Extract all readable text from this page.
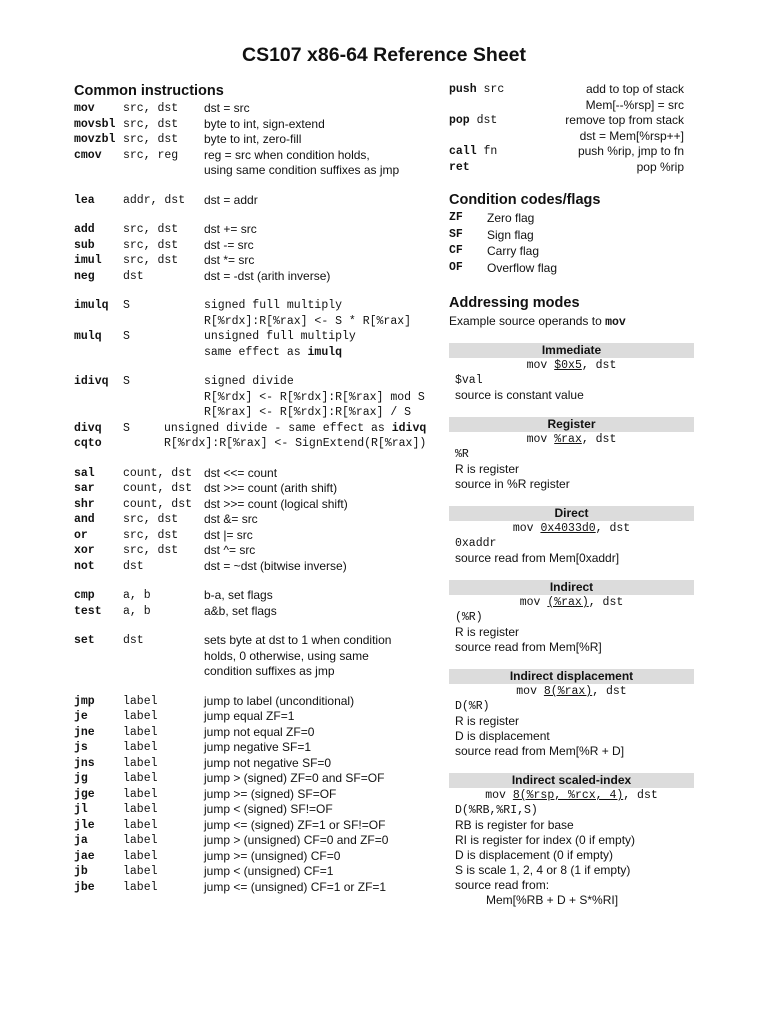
CS107 x86-64 Reference Sheet
Common instructions
mov src, dst dst = src
movsbl src, dst byte to int, sign-extend
movzbl src, dst byte to int, zero-fill
cmov src, reg reg = src when condition holds,
using same condition suffixes as jmp
lea addr, dst dst = addr
add src, dst dst += src
sub src, dst dst -= src
imul src, dst dst *= src
neg dst	dst = -dst (arith inverse)
imulq S	signed full multiply
R[%rdx]:R[%rax] <- S * R[%rax]
mulq S	unsigned full multiply
same effect as imulq
idivq S	signed divide
R[%rdx] <- R[%rdx]:R[%rax] mod S
R[%rax] <- R[%rdx]:R[%rax] / S
divq S	unsigned divide - same effect as idivq
cqto	R[%rdx]:R[%rax] <- SignExtend(R[%rax])
sal count, dst dst <<= count
sar count, dst dst >>= count (arith shift)
shr count, dst dst >>= count (logical shift)
and src, dst dst &= src
or	src, dst dst |= src
xor src, dst dst ^= src
not dst	dst = ~dst (bitwise inverse)
cmp a, b	b-a, set flags
test a, b	a&b, set flags
set dst	sets byte at dst to 1 when condition
holds, 0 otherwise, using same
condition suffixes as jmp
jmp label	jump to label (unconditional)
je	label	jump equal ZF=1
jne label	jump not equal ZF=0
js	label	jump negative SF=1
jns label	jump not negative SF=0
jg	label	jump > (signed) ZF=0 and SF=OF
jge label	jump >= (signed) SF=OF
jl	label	jump < (signed) SF!=OF
jle label	jump <= (signed) ZF=1 or SF!=OF
ja	label	jump > (unsigned) CF=0 and ZF=0
jae label	jump >= (unsigned) CF=0
jb	label	jump < (unsigned) CF=1
jbe label	jump <= (unsigned) CF=1 or ZF=1
push src	add to top of stack
Mem[--%rsp] = src
pop dst	remove top from stack
dst = Mem[%rsp++]
call fn	push %rip, jmp to fn
ret	pop %rip
Condition codes/flags
ZF Zero flag
SF Sign flag
CF Carry flag
OF Overflow flag
Addressing modes
Example source operands to mov
Immediate
mov $0x5, dst
$val
source is constant value
Register
mov %rax, dst
%R
R is register
source in %R register
Direct
mov 0x4033d0, dst
0xaddr
source read from Mem[0xaddr]
Indirect
mov (%rax), dst
(%R)
R is register
source read from Mem[%R]
Indirect displacement
mov 8(%rax), dst
D(%R)
R is register
D is displacement
source read from Mem[%R + D]
Indirect scaled-index
mov 8(%rsp, %rcx, 4), dst
D(%RB,%RI,S)
RB is register for base
RI is register for index (0 if empty)
D is displacement (0 if empty)
S is scale 1, 2, 4 or 8 (1 if empty)
source read from:
Mem[%RB + D + S*%RI]
